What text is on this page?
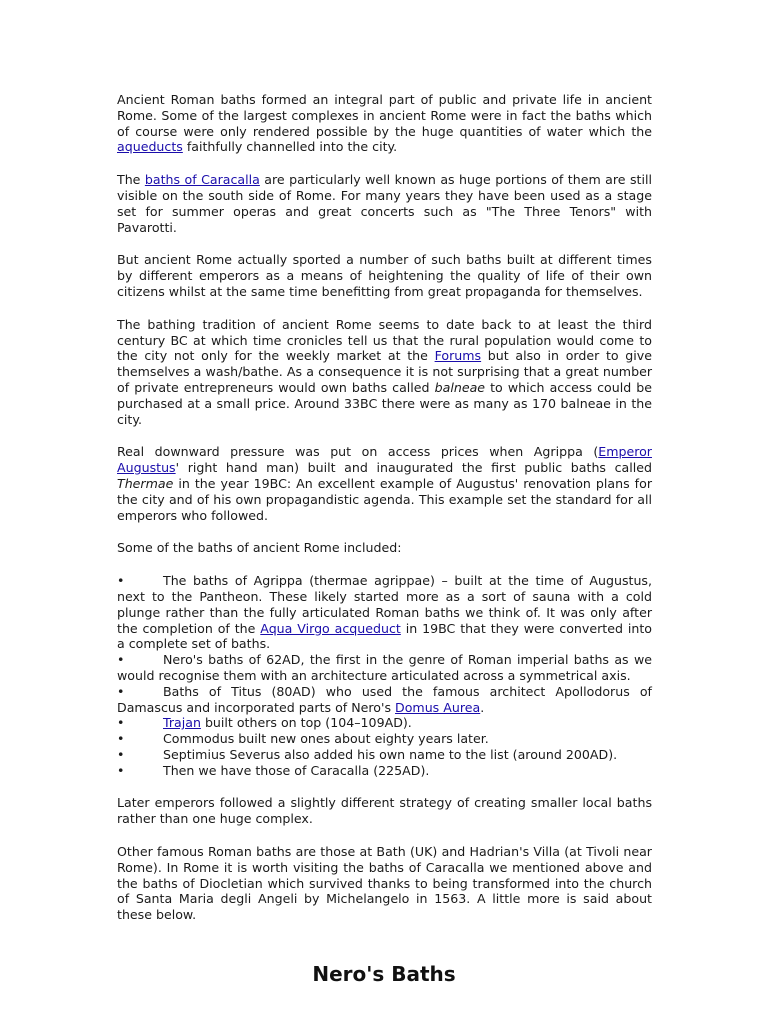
Ancient Roman baths formed an integral part of public and private life in ancient Rome. Some of the largest complexes in ancient Rome were in fact the baths which of course were only rendered possible by the huge quantities of water which the aqueducts faithfully channelled into the city.

The baths of Caracalla are particularly well known as huge portions of them are still visible on the south side of Rome. For many years they have been used as a stage set for summer operas and great concerts such as "The Three Tenors" with Pavarotti.

But ancient Rome actually sported a number of such baths built at different times by different emperors as a means of heightening the quality of life of their own citizens whilst at the same time benefitting from great propaganda for themselves.

The bathing tradition of ancient Rome seems to date back to at least the third century BC at which time cronicles tell us that the rural population would come to the city not only for the weekly market at the Forums but also in order to give themselves a wash/bathe. As a consequence it is not surprising that a great number of private entrepreneurs would own baths called balneae to which access could be purchased at a small price. Around 33BC there were as many as 170 balneae in the city.

Real downward pressure was put on access prices when Agrippa (Emperor Augustus' right hand man) built and inaugurated the first public baths called Thermae in the year 19BC: An excellent example of Augustus' renovation plans for the city and of his own propagandistic agenda. This example set the standard for all emperors who followed.

Some of the baths of ancient Rome included:

•	The baths of Agrippa (thermae agrippae) – built at the time of Augustus, next to the Pantheon. These likely started more as a sort of sauna with a cold plunge rather than the fully articulated Roman baths we think of. It was only after the completion of the Aqua Virgo acqueduct in 19BC that they were converted into a complete set of baths.
•	Nero's baths of 62AD, the first in the genre of Roman imperial baths as we would recognise them with an architecture articulated across a symmetrical axis.
•	Baths of Titus (80AD) who used the famous architect Apollodorus of Damascus and incorporated parts of Nero's Domus Aurea.
•	Trajan built others on top (104–109AD).
•	Commodus built new ones about eighty years later.
•	Septimius Severus also added his own name to the list (around 200AD).
•	Then we have those of Caracalla (225AD).

Later emperors followed a slightly different strategy of creating smaller local baths rather than one huge complex.

Other famous Roman baths are those at Bath (UK) and Hadrian's Villa (at Tivoli near Rome). In Rome it is worth visiting the baths of Caracalla we mentioned above and the baths of Diocletian which survived thanks to being transformed into the church of Santa Maria degli Angeli by Michelangelo in 1563. A little more is said about these below.

Nero's Baths
